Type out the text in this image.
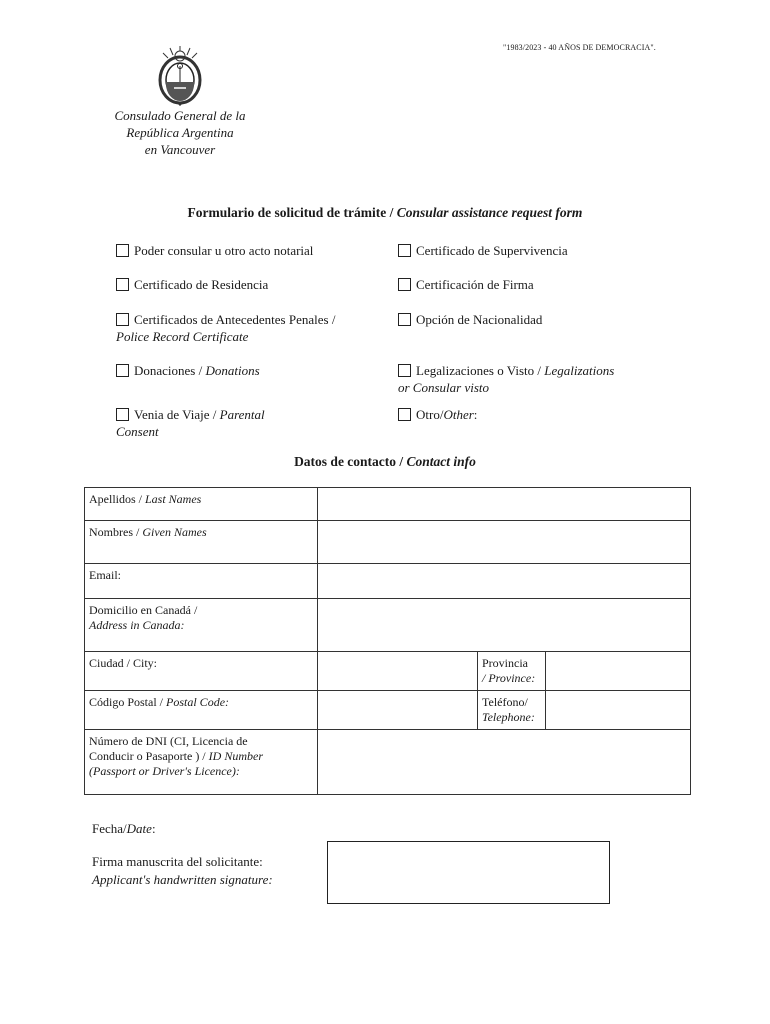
"1983/2023 - 40 AÑOS DE DEMOCRACIA".
Consulado General de la
República Argentina
en Vancouver
Formulario de solicitud de trámite / Consular assistance request form
Poder consular u otro acto notarial
Certificado de Residencia
Certificados de Antecedentes Penales /
Police Record Certificate
Donaciones / Donations
Venia de Viaje / Parental
Consent
Certificado de Supervivencia
Certificación de Firma
Opción de Nacionalidad
Legalizaciones o Visto / Legalizations
or Consular visto
Otro/Other:
Datos de contacto / Contact info
Apellidos / Last Names			
Nombres / Given Names			
Email:			

Domicilio en Canadá /
Address in Canada:			

Ciudad / City:		Provincia
/ Province:	

Código Postal / Postal Code:		Teléfono/
Telephone:	

Número de DNI (CI, Licencia de
Conducir o Pasaporte ) / ID Number
(Passport or Driver's Licence):			

Fecha/Date:
Firma manuscrita del solicitante:
Applicant's handwritten signature:
